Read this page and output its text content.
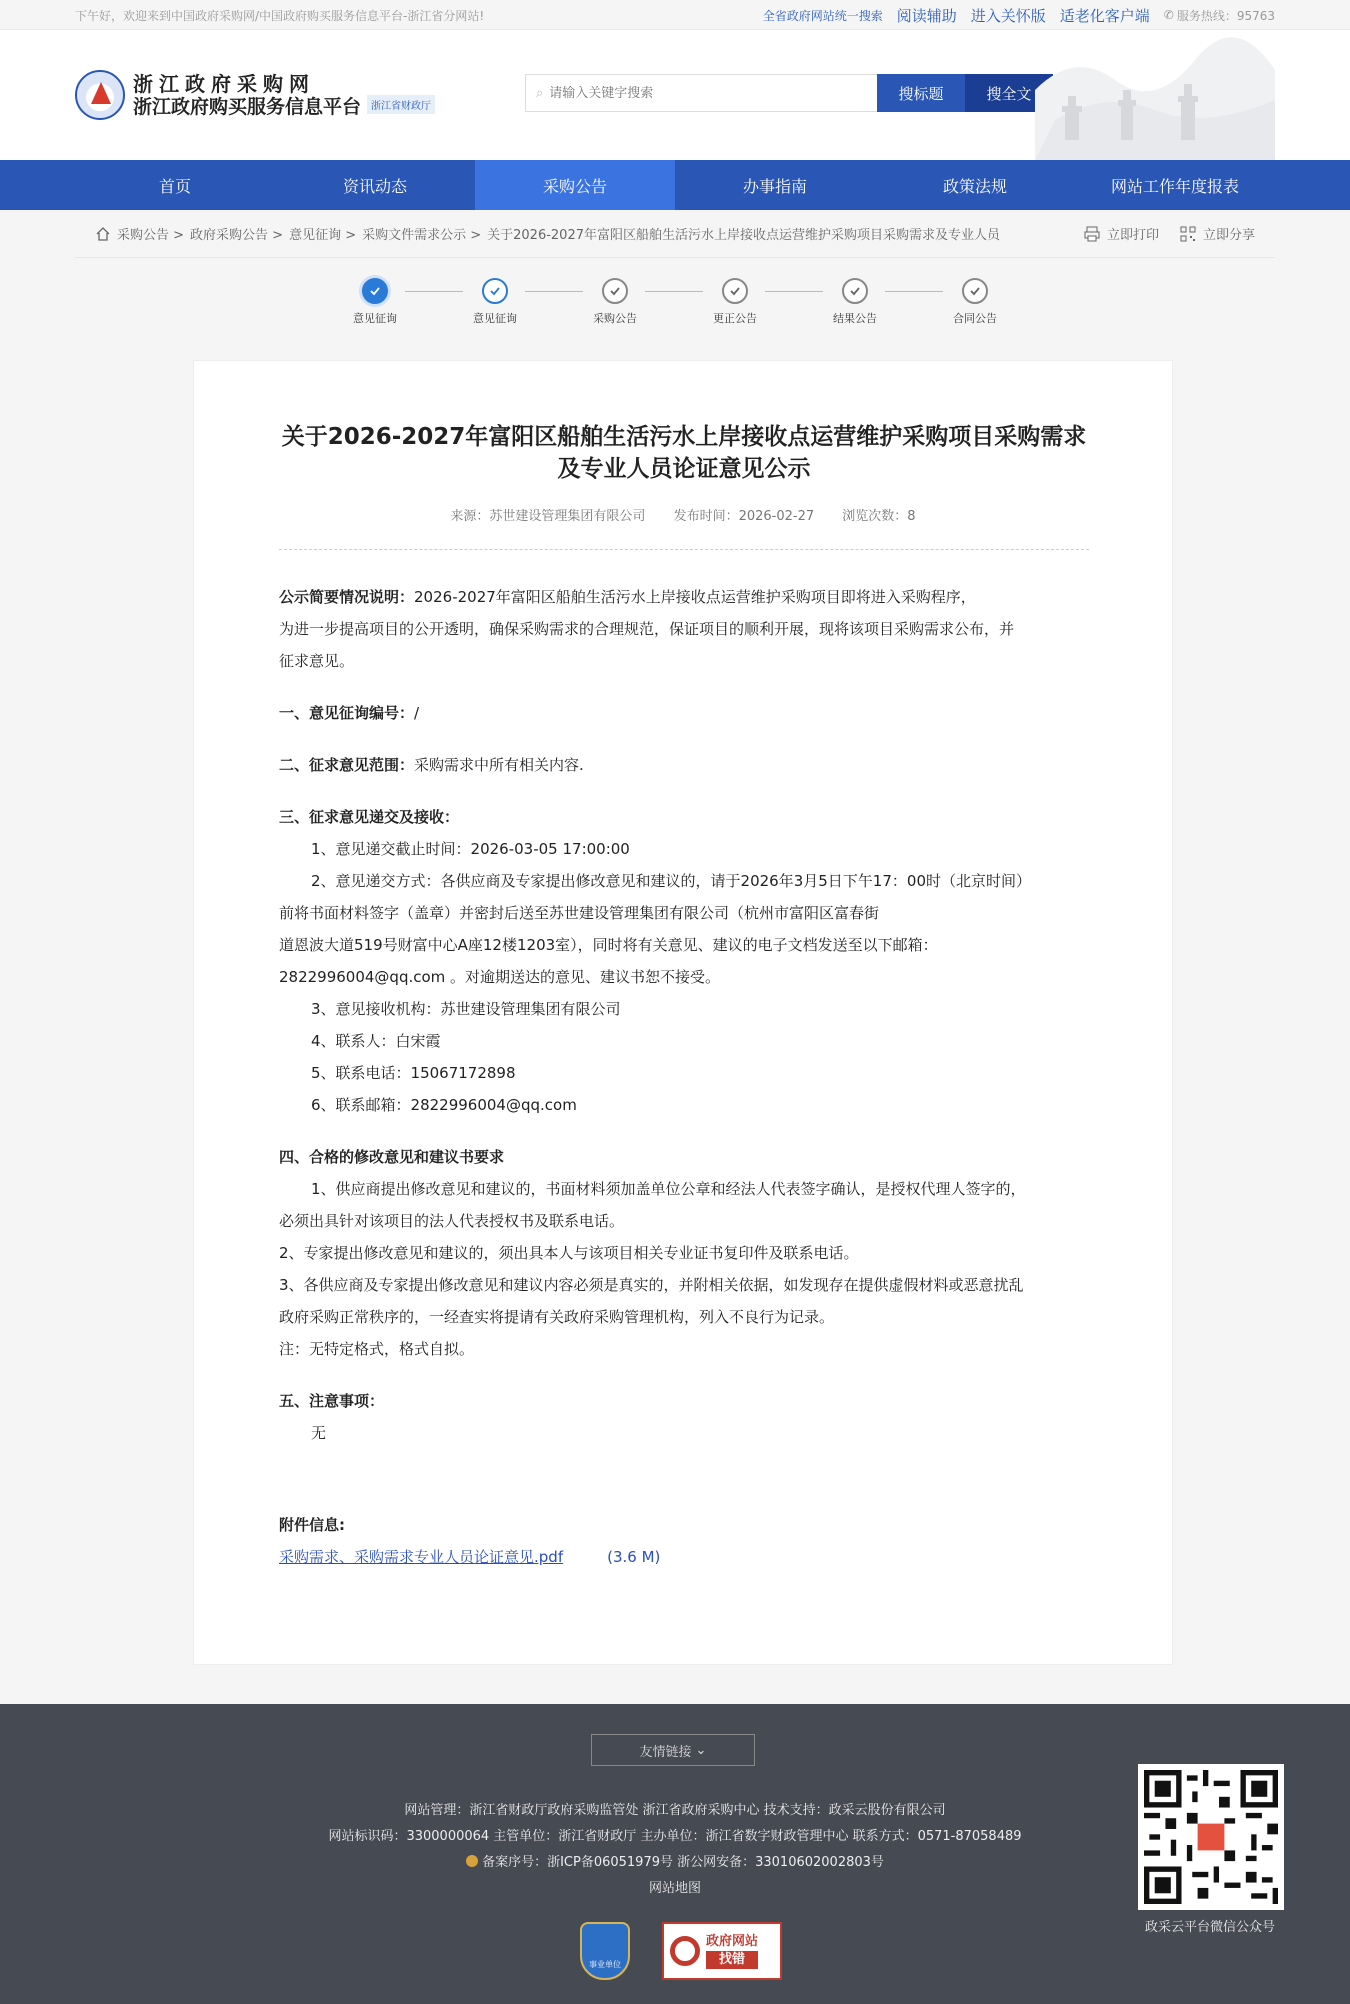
下午好，欢迎来到中国政府采购网/中国政府购买服务信息平台-浙江省分网站!	全省政府网站统一搜索 阅读辅助 进入关怀版 适老化客户端 ✆ 服务热线：95763
浙江政府采购网
浙江政府购买服务信息平台	浙江省财政厅
⌕
请输入关键字搜索	搜标题	搜全文
首页	资讯动态	采购公告	办事指南	政策法规	网站工作年度报表
采购公告 > 政府采购公告 > 意见征询 > 采购文件需求公示 > 关于2026-2027年富阳区船舶生活污水上岸接收点运营维护采购项目采购需求及专业人员	立即打印	立即分享
意见征询	意见征询	采购公告	更正公告	结果公告	合同公告
关于2026-2027年富阳区船舶生活污水上岸接收点运营维护采购项目采购需求及专业人员论证意见公示
来源：苏世建设管理集团有限公司 发布时间：2026-02-27 浏览次数：8
公示简要情况说明：2026-2027年富阳区船舶生活污水上岸接收点运营维护采购项目即将进入采购程序，
为进一步提高项目的公开透明，确保采购需求的合理规范，保证项目的顺利开展，现将该项目采购需求公布，并
征求意见。
一、意见征询编号：/
二、征求意见范围：采购需求中所有相关内容.
三、征求意见递交及接收：
1、意见递交截止时间：2026-03-05 17:00:00
2、意见递交方式：各供应商及专家提出修改意见和建议的，请于2026年3月5日下午17：00时（北京时间）
前将书面材料签字（盖章）并密封后送至苏世建设管理集团有限公司（杭州市富阳区富春街
道恩波大道519号财富中心A座12楼1203室），同时将有关意见、建议的电子文档发送至以下邮箱：
2822996004@qq.com 。对逾期送达的意见、建议书恕不接受。
3、意见接收机构：苏世建设管理集团有限公司
4、联系人：白宋霞
5、联系电话：15067172898
6、联系邮箱：2822996004@qq.com
四、合格的修改意见和建议书要求
1、供应商提出修改意见和建议的，书面材料须加盖单位公章和经法人代表签字确认，是授权代理人签字的，
必须出具针对该项目的法人代表授权书及联系电话。
2、专家提出修改意见和建议的，须出具本人与该项目相关专业证书复印件及联系电话。
3、各供应商及专家提出修改意见和建议内容必须是真实的，并附相关依据，如发现存在提供虚假材料或恶意扰乱
政府采购正常秩序的，一经查实将提请有关政府采购管理机构，列入不良行为记录。
注：无特定格式，格式自拟。
五、注意事项：
无
附件信息:
采购需求、采购需求专业人员论证意见.pdf	(3.6 M)
友情链接 ⌄
网站管理：浙江省财政厅政府采购监管处 浙江省政府采购中心 技术支持：政采云股份有限公司
网站标识码：3300000064 主管单位：浙江省财政厅 主办单位：浙江省数字财政管理中心 联系方式：0571-87058489
备案序号：浙ICP备06051979号 浙公网安备：33010602002803号
网站地图
事业单位
政府网站
找错
政采云平台微信公众号
